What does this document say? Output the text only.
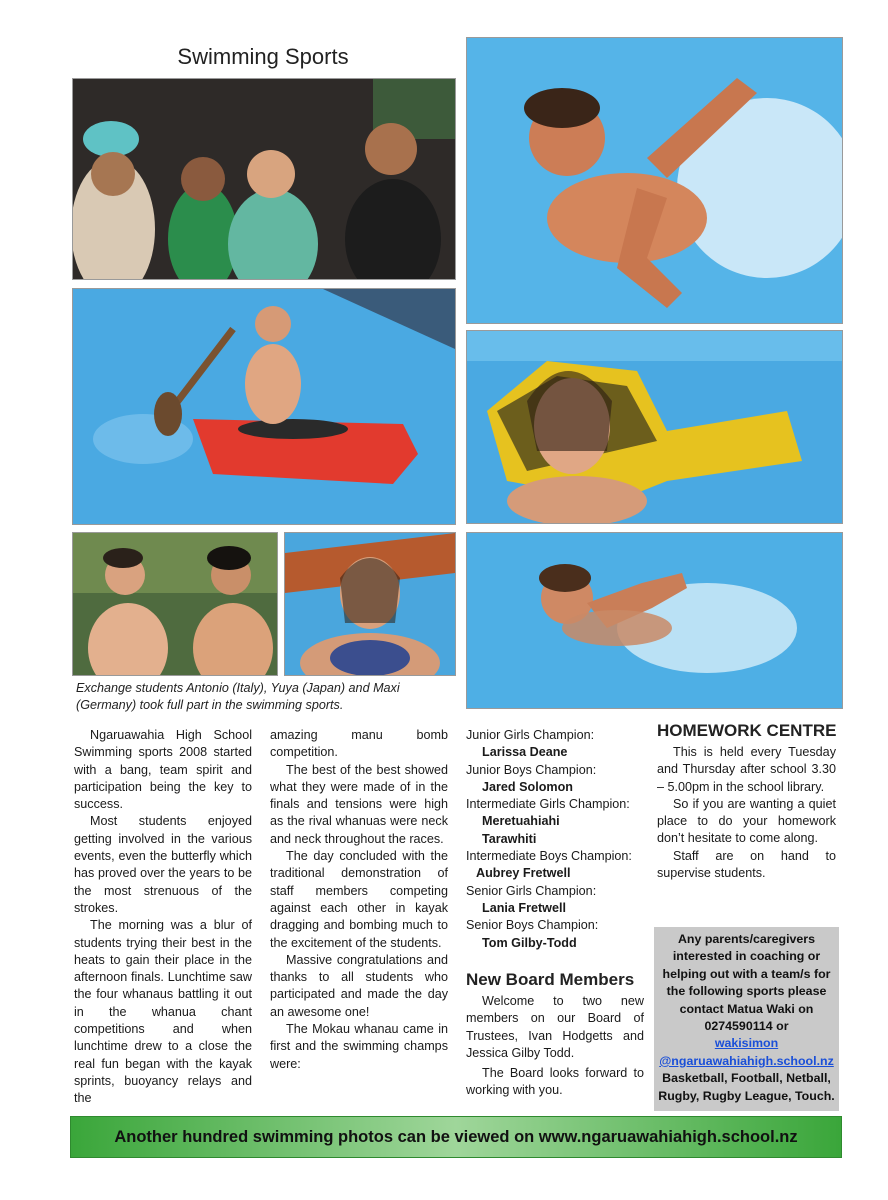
Swimming Sports
Exchange students Antonio (Italy), Yuya (Japan) and Maxi (Germany) took full part in the swimming sports.

Ngaruawahia High School Swimming sports 2008 started with a bang, team spirit and participation being the key to success.

Most students enjoyed getting involved in the various events, even the butterfly which has proved over the years to be the most strenuous of the strokes.

The morning was a blur of students trying their best in the heats to gain their place in the afternoon finals. Lunchtime saw the four whanaus battling it out in the whanua chant competitions and when lunchtime drew to a close the real fun began with the kayak sprints, buoyancy relays and the

amazing manu bomb competition.

The best of the best showed what they were made of in the finals and tensions were high as the rival whanuas were neck and neck throughout the races.

The day concluded with the traditional demonstration of staff members competing against each other in kayak dragging and bombing much to the excitement of the students.

Massive congratulations and thanks to all students who participated and made the day an awesome one!

The Mokau whanau came in first and the swimming champs were:

Junior Girls Champion:
Larissa Deane
Junior Boys Champion:
Jared Solomon
Intermediate Girls Champion:
Meretuahiahi Tarawhiti
Intermediate Boys Champion:
Aubrey Fretwell
Senior Girls Champion:
Lania Fretwell
Senior Boys Champion:
Tom Gilby-Todd
New Board Members

Welcome to two new members on our Board of Trustees, Ivan Hodgetts and Jessica Gilby Todd.

The Board looks forward to working with you.

HOMEWORK CENTRE

This is held every Tuesday and Thursday after school 3.30 – 5.00pm in the school library.

So if you are wanting a quiet place to do your homework don’t hesitate to come along.

Staff are on hand to supervise students.

Any parents/caregivers interested in coaching or helping out with a team/s for the following sports please contact Matua Waki on 0274590114 or
wakisimon
@ngaruawahiahigh.school.nz
Basketball, Football, Netball, Rugby, Rugby League, Touch.
Another hundred swimming photos can be viewed on www.ngaruawahiahigh.school.nz
